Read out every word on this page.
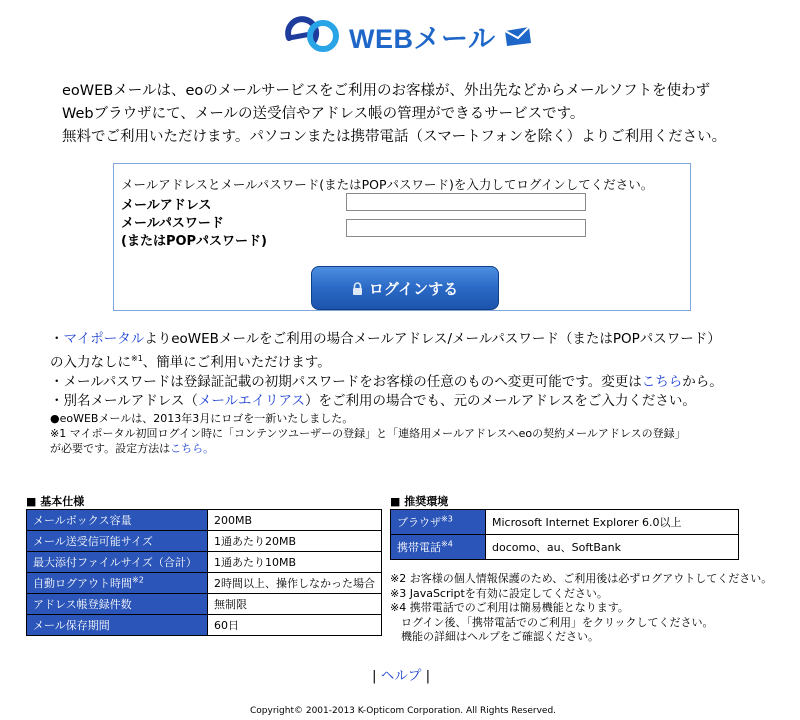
WEBメール
eoWEBメールは、eoのメールサービスをご利用のお客様が、外出先などからメールソフトを使わず
Webブラウザにて、メールの送受信やアドレス帳の管理ができるサービスです。
無料でご利用いただけます。パソコンまたは携帯電話（スマートフォンを除く）よりご利用ください。
メールアドレスとメールパスワード(またはPOPパスワード)を入力してログインしてください。
メールアドレス
メールパスワード
(またはPOPパスワード)
ログインする
・マイポータルよりeoWEBメールをご利用の場合メールアドレス/メールパスワード（またはPOPパスワード）
の入力なしに$^{※1}$、簡単にご利用いただけます。
・メールパスワードは登録証記載の初期パスワードをお客様の任意のものへ変更可能です。変更はこちらから。
・別名メールアドレス（メールエイリアス）をご利用の場合でも、元のメールアドレスをご入力ください。
●eoWEBメールは、2013年3月にロゴを一新いたしました。
※1 マイポータル初回ログイン時に「コンテンツユーザーの登録」と「連絡用メールアドレスへeoの契約メールアドレスの登録」
が必要です。設定方法はこちら。
■ 基本仕様
メールボックス容量	200MB
メール送受信可能サイズ	1通あたり20MB
最大添付ファイルサイズ（合計）	1通あたり10MB
自動ログアウト時間$^{※2}$	2時間以上、操作しなかった場合
アドレス帳登録件数	無制限
メール保存期間	60日
■ 推奨環境
ブラウザ$^{※3}$	Microsoft Internet Explorer 6.0以上
携帯電話$^{※4}$	docomo、au、SoftBank
※2 お客様の個人情報保護のため、ご利用後は必ずログアウトしてください。
※3 JavaScriptを有効に設定してください。
※4 携帯電話でのご利用は簡易機能となります。
　ログイン後、「携帯電話でのご利用」をクリックしてください。
　機能の詳細はヘルプをご確認ください。
| ヘルプ |
Copyright© 2001-2013 K-Opticom Corporation. All Rights Reserved.
